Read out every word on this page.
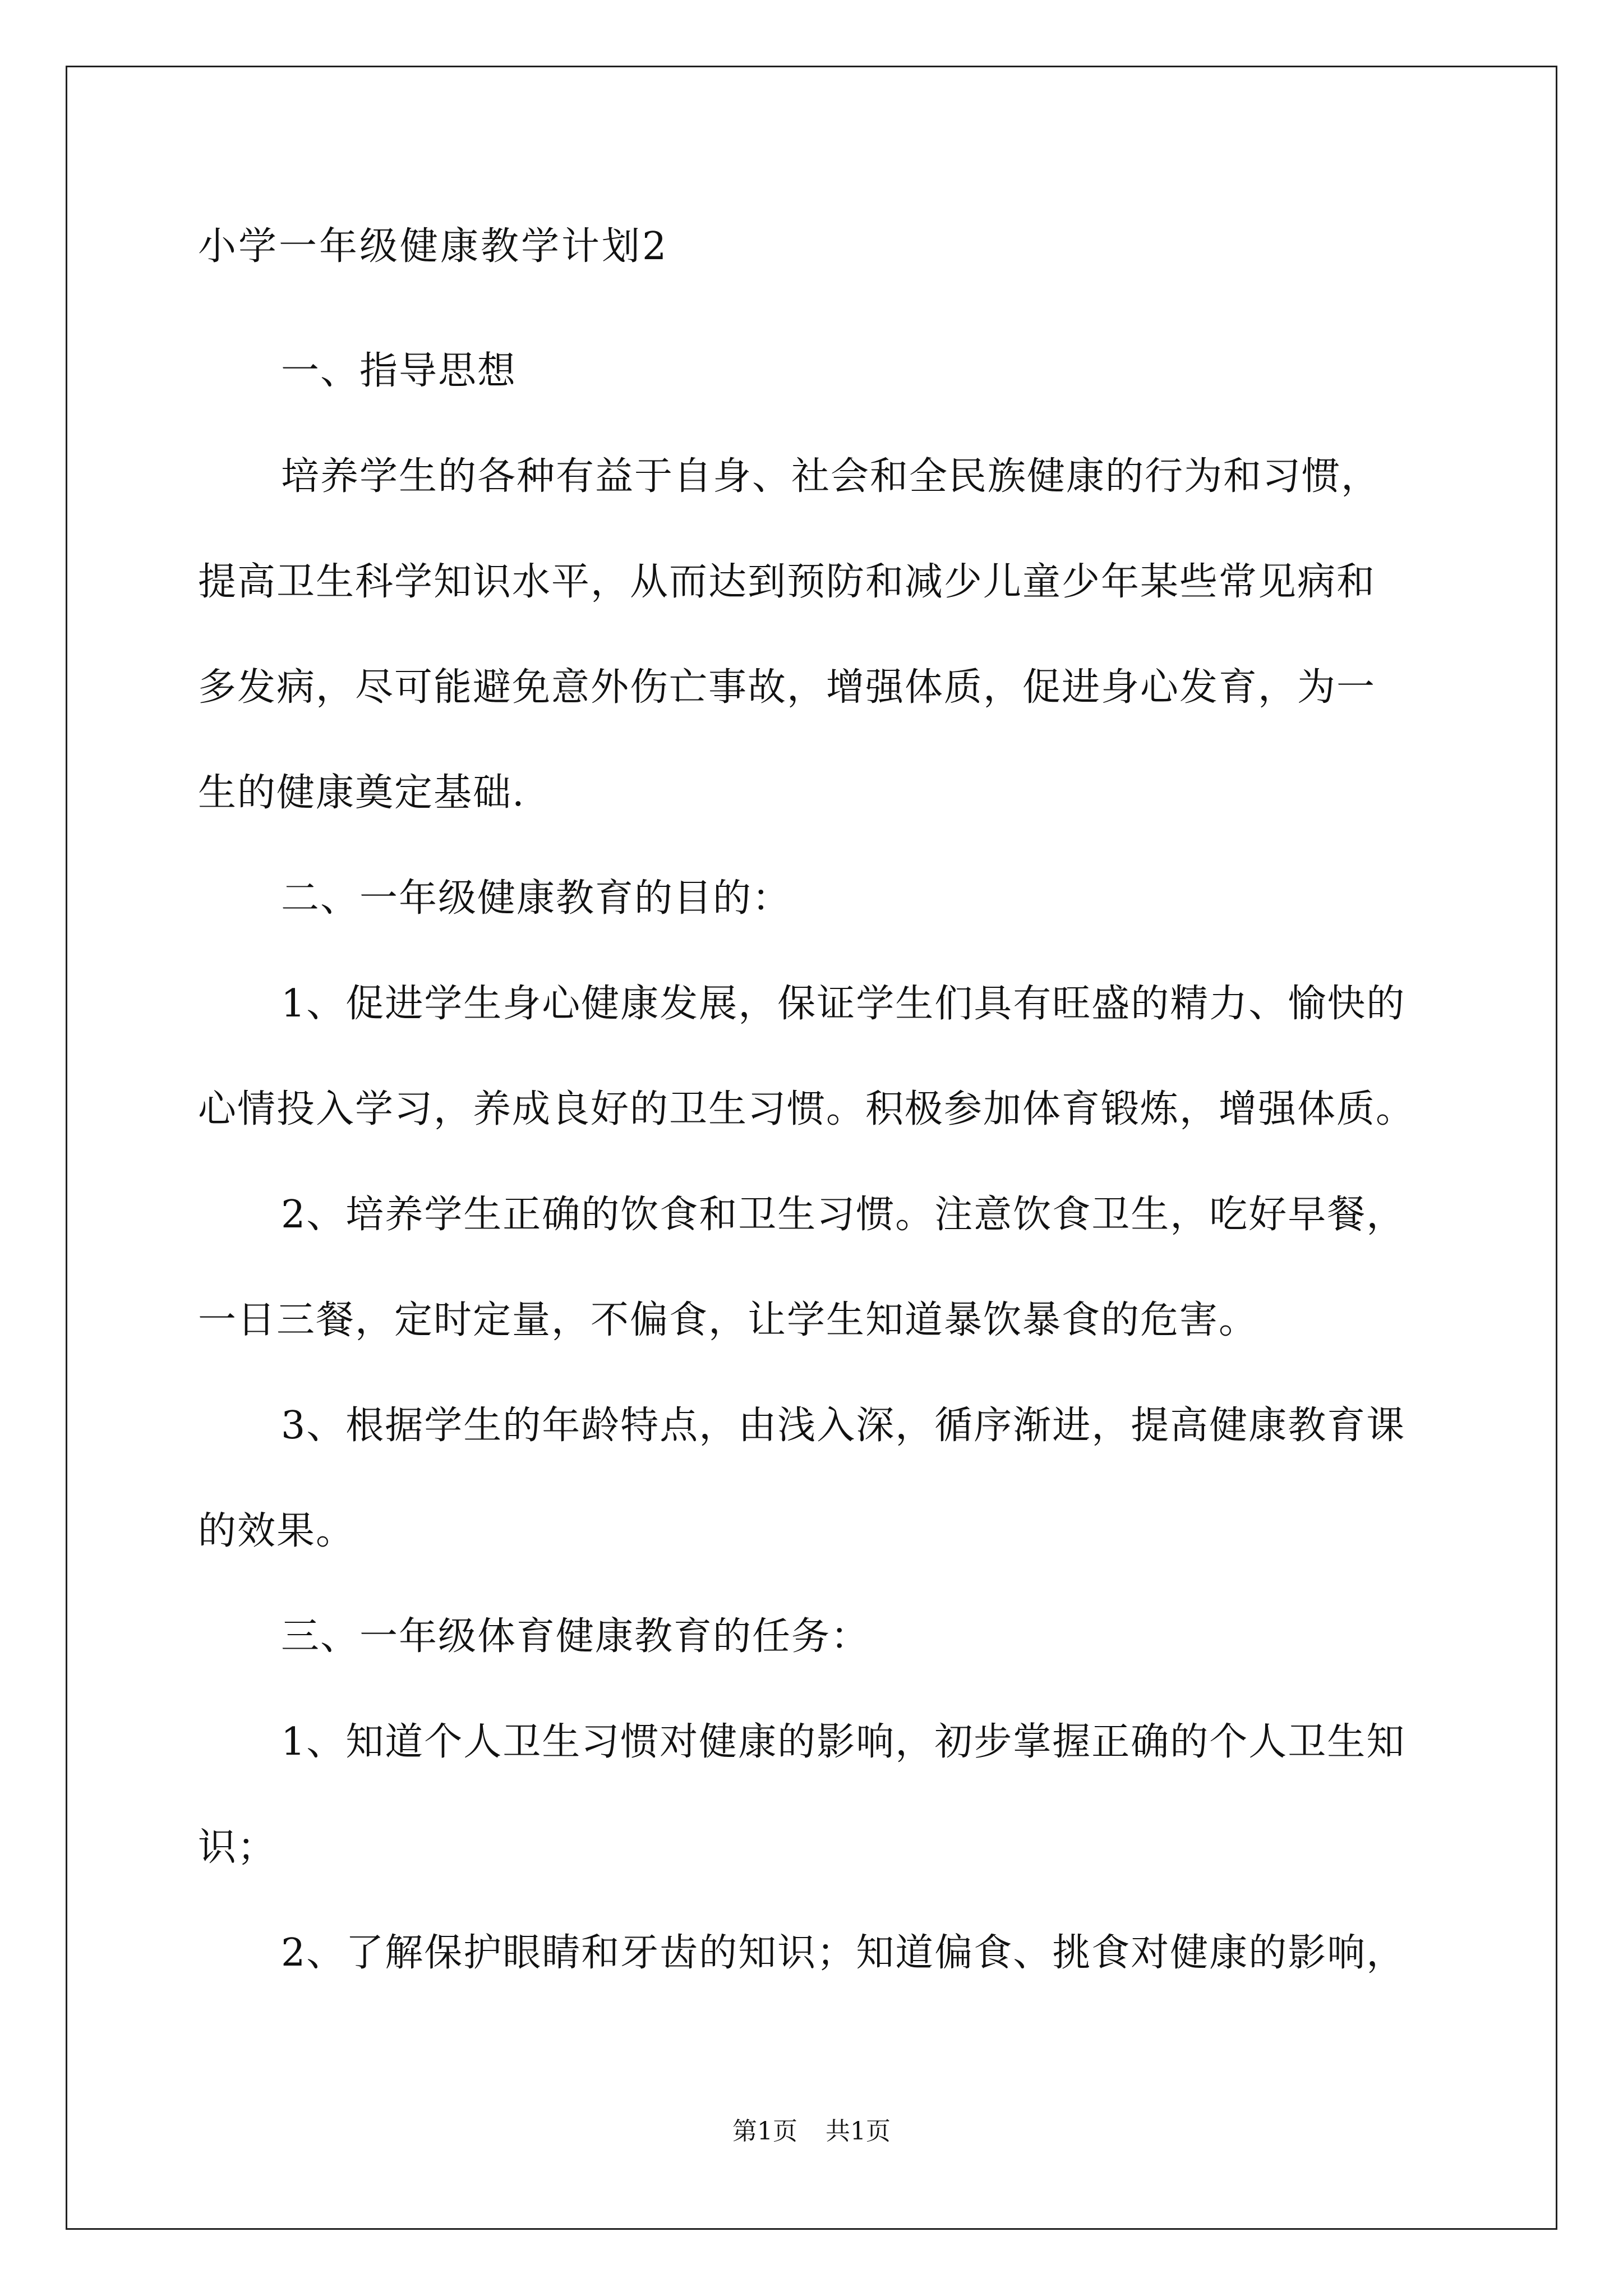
小学一年级健康教学计划2
一、指导思想
培养学生的各种有益于自身、社会和全民族健康的行为和习惯，
提高卫生科学知识水平，从而达到预防和减少儿童少年某些常见病和
多发病，尽可能避免意外伤亡事故，增强体质，促进身心发育，为一
生的健康奠定基础.
二、一年级健康教育的目的：
1、促进学生身心健康发展，保证学生们具有旺盛的精力、愉快的
心情投入学习，养成良好的卫生习惯。积极参加体育锻炼，增强体质。
2、培养学生正确的饮食和卫生习惯。注意饮食卫生，吃好早餐，
一日三餐，定时定量，不偏食，让学生知道暴饮暴食的危害。
3、根据学生的年龄特点，由浅入深，循序渐进，提高健康教育课
的效果。
三、一年级体育健康教育的任务：
1、知道个人卫生习惯对健康的影响，初步掌握正确的个人卫生知
识；
2、了解保护眼睛和牙齿的知识；知道偏食、挑食对健康的影响，
第1页 共1页
